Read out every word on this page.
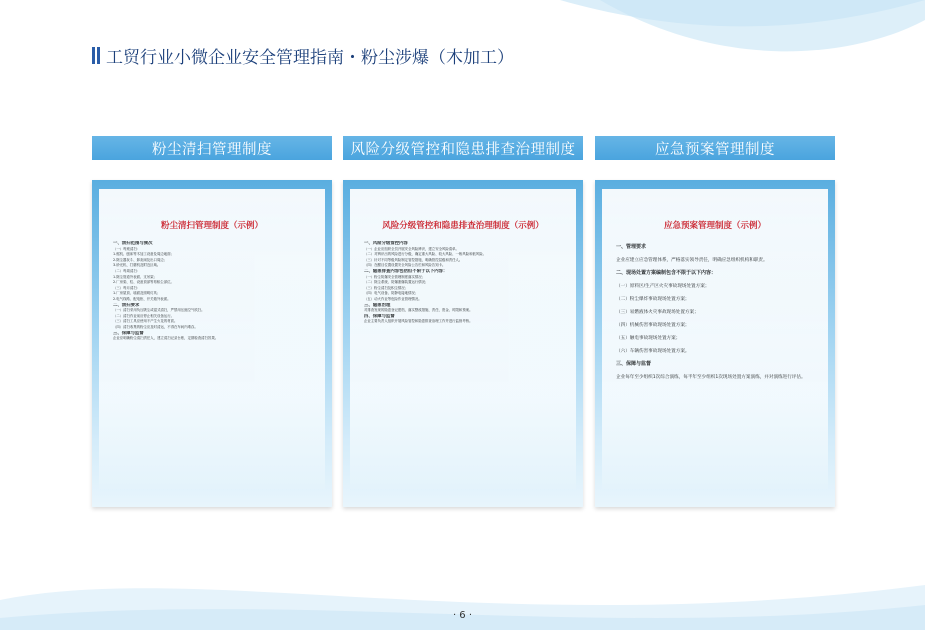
工贸行业小微企业安全管理指南・粉尘涉爆（木加工）
粉尘清扫管理制度	风险分级管控和隐患排查治理制度	应急预案管理制度
粉尘清扫管理制度（示例）
一、清扫范围与频次
（一）每班清扫：
1.锯机、刨床等木加工设备及周边地面；
2.除尘器灰斗、卸灰阀及出口周边；
3.砂光机、打磨机及附近区域。
（二）每周清扫：
1.除尘管道外表面、支吊架；
2.厂房梁、柱、设备顶部等易积尘部位。
（三）每月清扫：
1.厂房屋顶、墙面及照明灯具；
2.电气线路、配电柜、开关箱外表面。
二、清扫要求
（一）清扫采用负压吸尘或湿式清扫，严禁用压缩空气吹扫。
（二）清扫作业前应停止相关设备运行。
（三）清扫工具应使用不产生火花的材质。
（四）清扫收集的粉尘应及时清运，不得在车间内堆存。
三、保障与监督
企业应明确粉尘清扫责任人，建立清扫记录台账，定期检查清扫效果。
风险分级管控和隐患排查治理制度（示例）
一、风险分级管控内容
（一）企业应组织全员开展安全风险辨识，建立安全风险清单。
（二）对辨识出的风险进行分级，确定重大风险、较大风险、一般风险和低风险。
（三）针对不同等级风险制定管控措施，明确管控层级和责任人。
（四）在醒目位置设置安全风险公告栏和风险告知卡。
二、隐患排查内容包括但不限于以下内容：
（一）粉尘防爆安全管理制度落实情况；
（二）除尘系统、防爆泄爆装置运行情况；
（三）粉尘清扫及积尘情况；
（四）电气设备、防静电接地情况；
（五）动火作业等危险作业管理情况。
三、隐患治理
对排查发现的隐患登记建档，落实整改措施、责任、资金、时限和预案。
四、保障与监督
企业主要负责人组织开展风险管控和隐患排查治理工作并进行监督考核。
应急预案管理制度（示例）
一、管理要求
企业应建立应急管理体系，严格落实领导责任，明确应急组织机构和职责。
二、现场处置方案编制包含不限于以下内容：
（一）原料区/生产区火灾事故现场处置方案；
（二）粉尘爆炸事故现场处置方案；
（三）易燃液体火灾事故现场处置方案；
（四）机械伤害事故现场处置方案；
（五）触电事故现场处置方案；
（六）车辆伤害事故现场处置方案。
三、保障与监督
企业每年至少组织1次综合演练，每半年至少组织1次现场处置方案演练，并对演练进行评估。
· 6 ·
